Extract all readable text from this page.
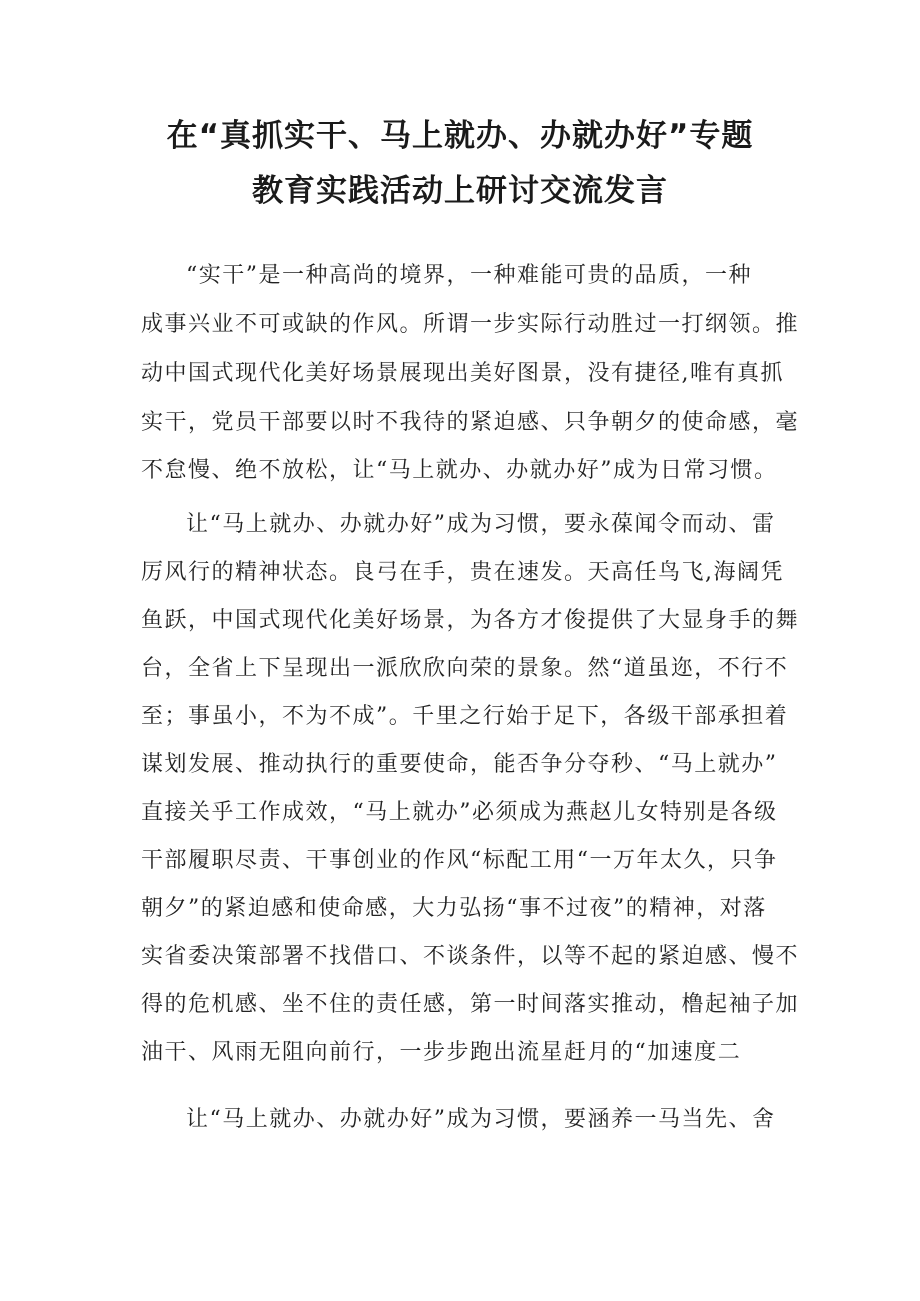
在“真抓实干、马上就办、办就办好”专题
教育实践活动上研讨交流发言
“实干”是一种高尚的境界，一种难能可贵的品质，一种
成事兴业不可或缺的作风。所谓一步实际行动胜过一打纲领。推
动中国式现代化美好场景展现出美好图景，没有捷径,唯有真抓
实干，党员干部要以时不我待的紧迫感、只争朝夕的使命感，毫
不怠慢、绝不放松，让“马上就办、办就办好”成为日常习惯。
让“马上就办、办就办好”成为习惯，要永葆闻令而动、雷
厉风行的精神状态。良弓在手，贵在速发。天高任鸟飞,海阔凭
鱼跃，中国式现代化美好场景，为各方才俊提供了大显身手的舞
台，全省上下呈现出一派欣欣向荣的景象。然“道虽迩，不行不
至；事虽小，不为不成”。千里之行始于足下，各级干部承担着
谋划发展、推动执行的重要使命，能否争分夺秒、“马上就办”
直接关乎工作成效，“马上就办”必须成为燕赵儿女特别是各级
干部履职尽责、干事创业的作风“标配工用“一万年太久，只争
朝夕”的紧迫感和使命感，大力弘扬“事不过夜”的精神，对落
实省委决策部署不找借口、不谈条件，以等不起的紧迫感、慢不
得的危机感、坐不住的责任感，第一时间落实推动，橹起袖子加
油干、风雨无阻向前行，一步步跑出流星赶月的“加速度二
让“马上就办、办就办好”成为习惯，要涵养一马当先、舍
